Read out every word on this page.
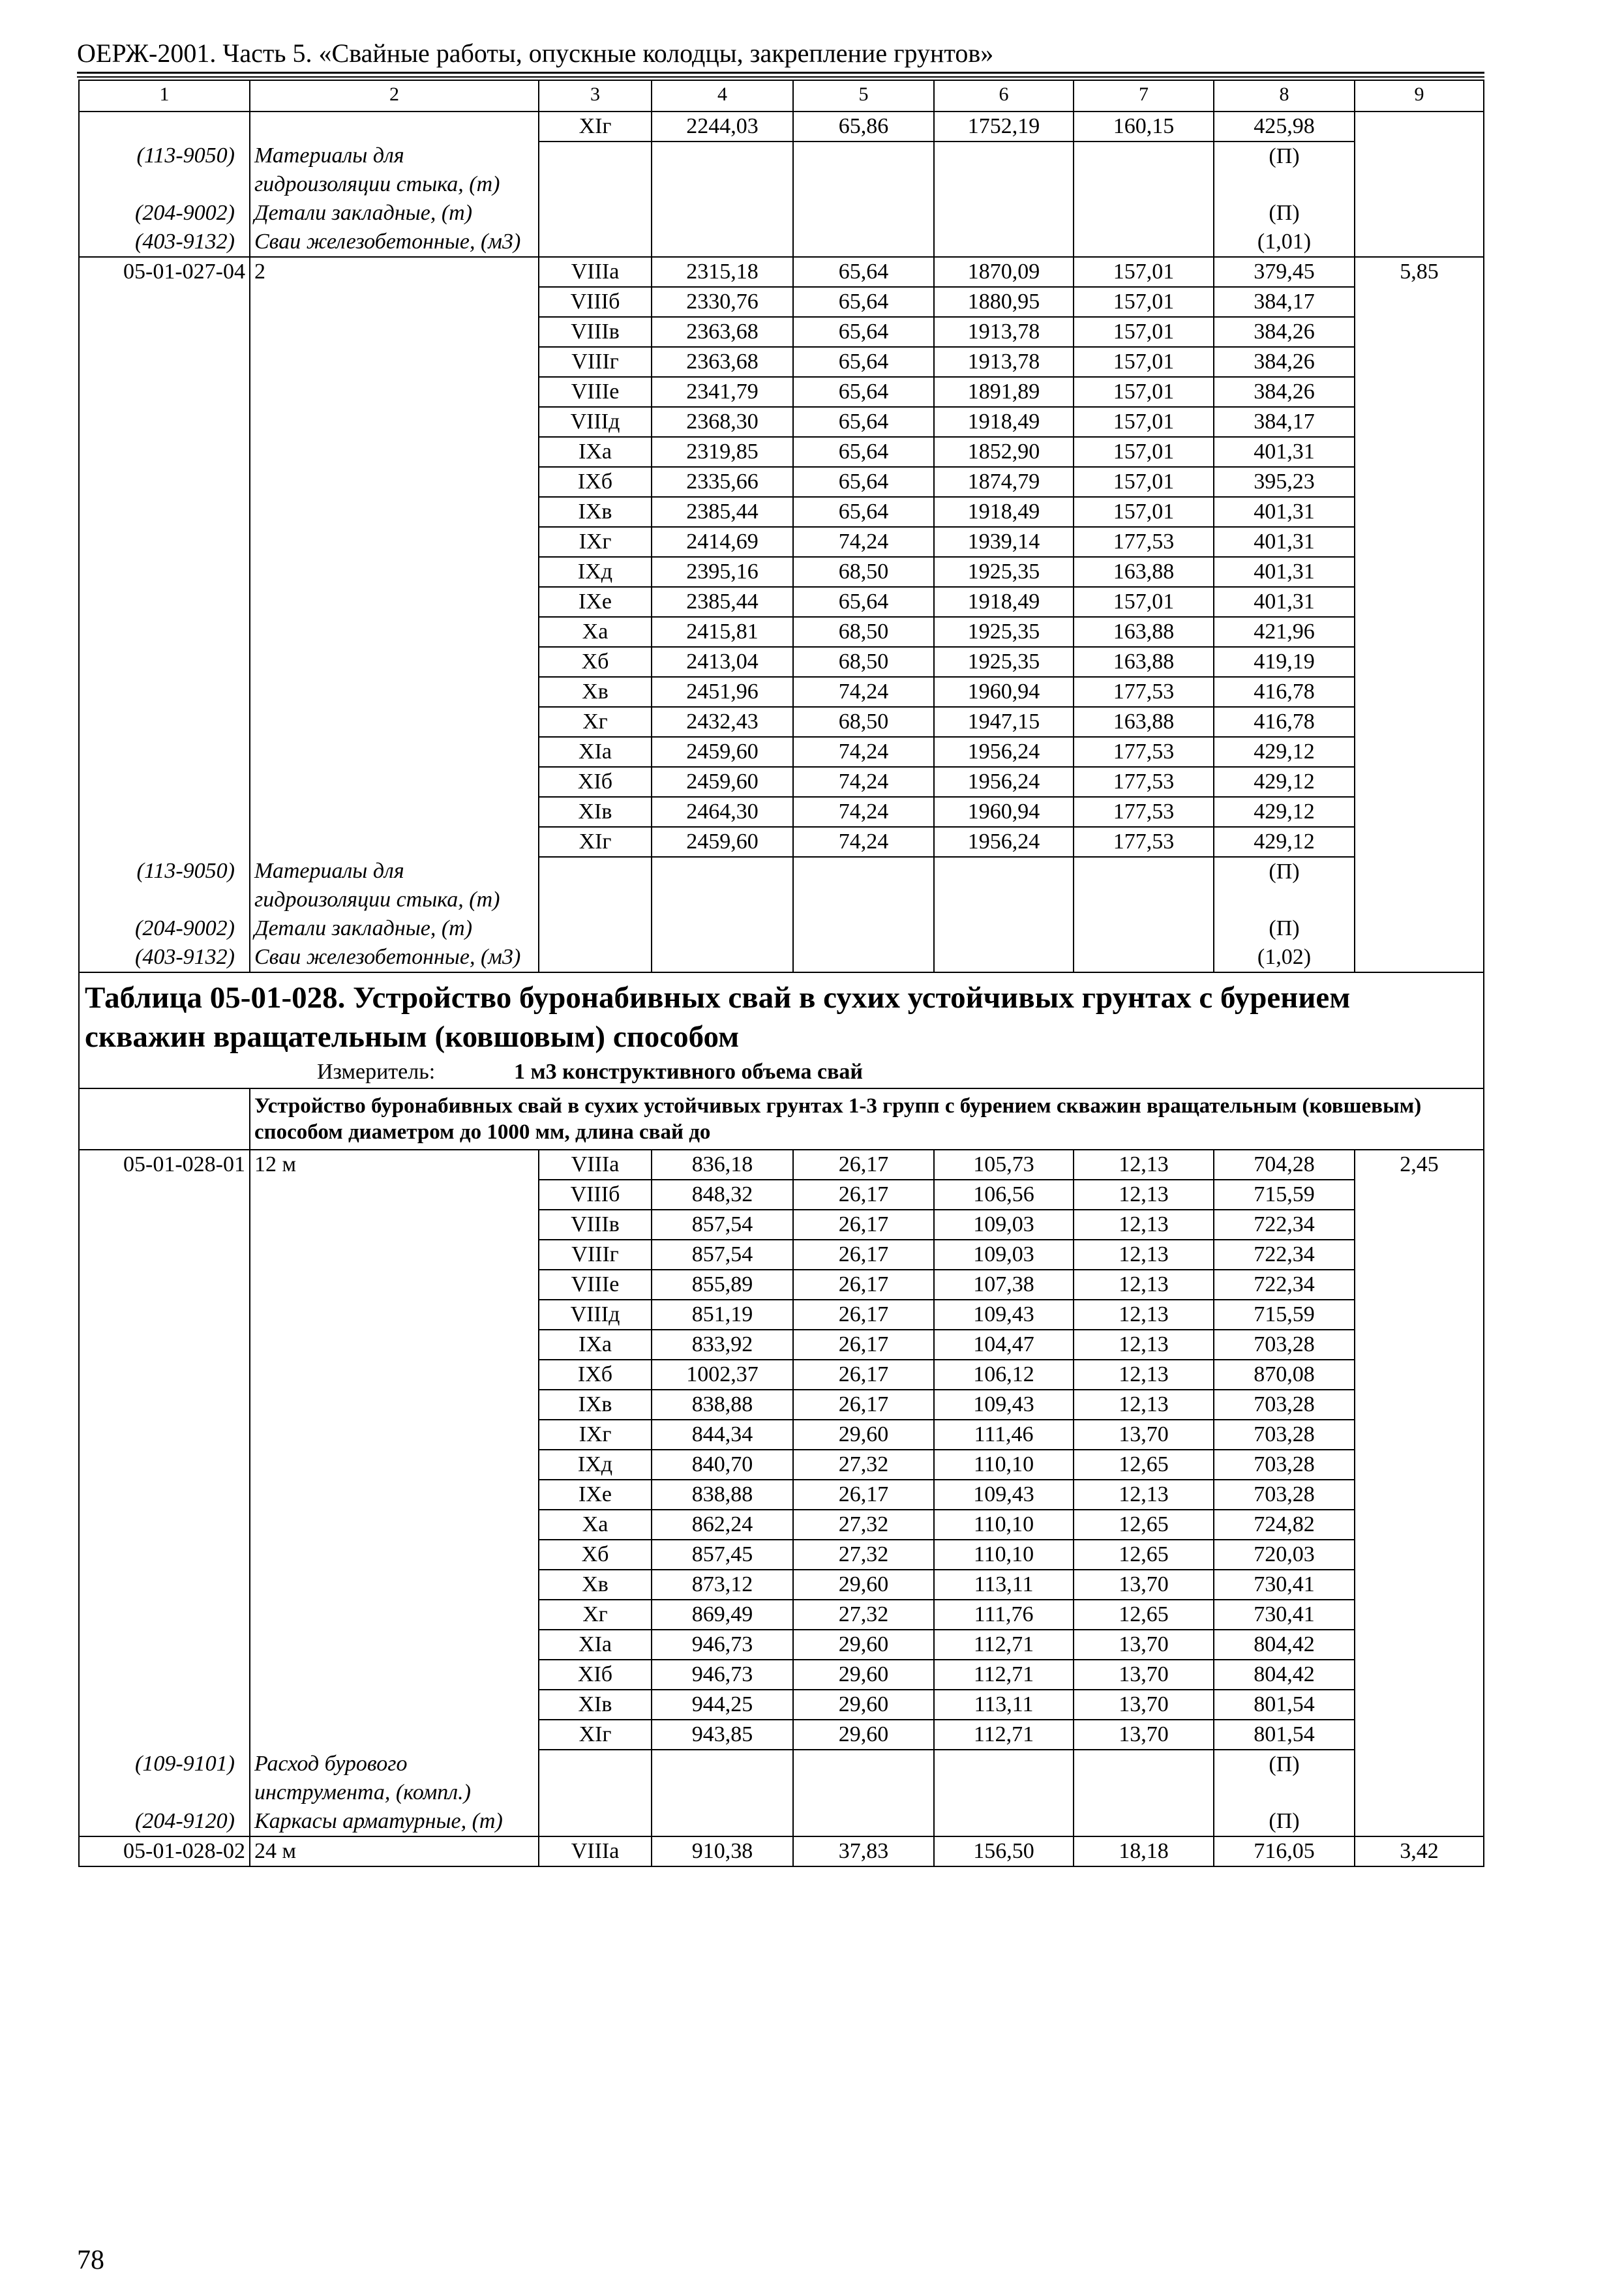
ОЕРЖ-2001. Часть 5. «Свайные работы, опускные колодцы, закрепление грунтов»
1	2	3	4	5	6	7	8	9
		XIг	2244,03	65,86	1752,19	160,15	425,98	
(113-9050)	Материалы для гидроизоляции стыка, (т)						(П)	
(204-9002)	Детали закладные, (т)						(П)	
(403-9132)	Сваи железобетонные, (м3)						(1,01)	
05-01-027-04	2	VIIIа	2315,18	65,64	1870,09	157,01	379,45	5,85
		VIIIб	2330,76	65,64	1880,95	157,01	384,17	
		VIIIв	2363,68	65,64	1913,78	157,01	384,26	
		VIIIг	2363,68	65,64	1913,78	157,01	384,26	
		VIIIе	2341,79	65,64	1891,89	157,01	384,26	
		VIIIд	2368,30	65,64	1918,49	157,01	384,17	
		IXа	2319,85	65,64	1852,90	157,01	401,31	
		IXб	2335,66	65,64	1874,79	157,01	395,23	
		IXв	2385,44	65,64	1918,49	157,01	401,31	
		IXг	2414,69	74,24	1939,14	177,53	401,31	
		IXд	2395,16	68,50	1925,35	163,88	401,31	
		IXе	2385,44	65,64	1918,49	157,01	401,31	
		Xа	2415,81	68,50	1925,35	163,88	421,96	
		Xб	2413,04	68,50	1925,35	163,88	419,19	
		Xв	2451,96	74,24	1960,94	177,53	416,78	
		Xг	2432,43	68,50	1947,15	163,88	416,78	
		XIа	2459,60	74,24	1956,24	177,53	429,12	
		XIб	2459,60	74,24	1956,24	177,53	429,12	
		XIв	2464,30	74,24	1960,94	177,53	429,12	
		XIг	2459,60	74,24	1956,24	177,53	429,12	
(113-9050)	Материалы для гидроизоляции стыка, (т)						(П)	
(204-9002)	Детали закладные, (т)						(П)	
(403-9132)	Сваи железобетонные, (м3)						(1,02)	

Таблица 05-01-028. Устройство буронабивных свай в сухих устойчивых грунтах с бурением скважин вращательным (ковшовым) способом
Измеритель: 1 м3 конструктивного объема свай								

	Устройство буронабивных свай в сухих устойчивых грунтах 1-3 групп с бурением скважин вращательным (ковшевым) способом диаметром до 1000 мм, длина свай до							
05-01-028-01	12 м	VIIIа	836,18	26,17	105,73	12,13	704,28	2,45
		VIIIб	848,32	26,17	106,56	12,13	715,59	
		VIIIв	857,54	26,17	109,03	12,13	722,34	
		VIIIг	857,54	26,17	109,03	12,13	722,34	
		VIIIе	855,89	26,17	107,38	12,13	722,34	
		VIIIд	851,19	26,17	109,43	12,13	715,59	
		IXа	833,92	26,17	104,47	12,13	703,28	
		IXб	1002,37	26,17	106,12	12,13	870,08	
		IXв	838,88	26,17	109,43	12,13	703,28	
		IXг	844,34	29,60	111,46	13,70	703,28	
		IXд	840,70	27,32	110,10	12,65	703,28	
		IXе	838,88	26,17	109,43	12,13	703,28	
		Xа	862,24	27,32	110,10	12,65	724,82	
		Xб	857,45	27,32	110,10	12,65	720,03	
		Xв	873,12	29,60	113,11	13,70	730,41	
		Xг	869,49	27,32	111,76	12,65	730,41	
		XIа	946,73	29,60	112,71	13,70	804,42	
		XIб	946,73	29,60	112,71	13,70	804,42	
		XIв	944,25	29,60	113,11	13,70	801,54	
		XIг	943,85	29,60	112,71	13,70	801,54	
(109-9101)	Расход бурового инструмента, (компл.)						(П)	
(204-9120)	Каркасы арматурные, (т)						(П)	
05-01-028-02	24 м	VIIIа	910,38	37,83	156,50	18,18	716,05	3,42
78
